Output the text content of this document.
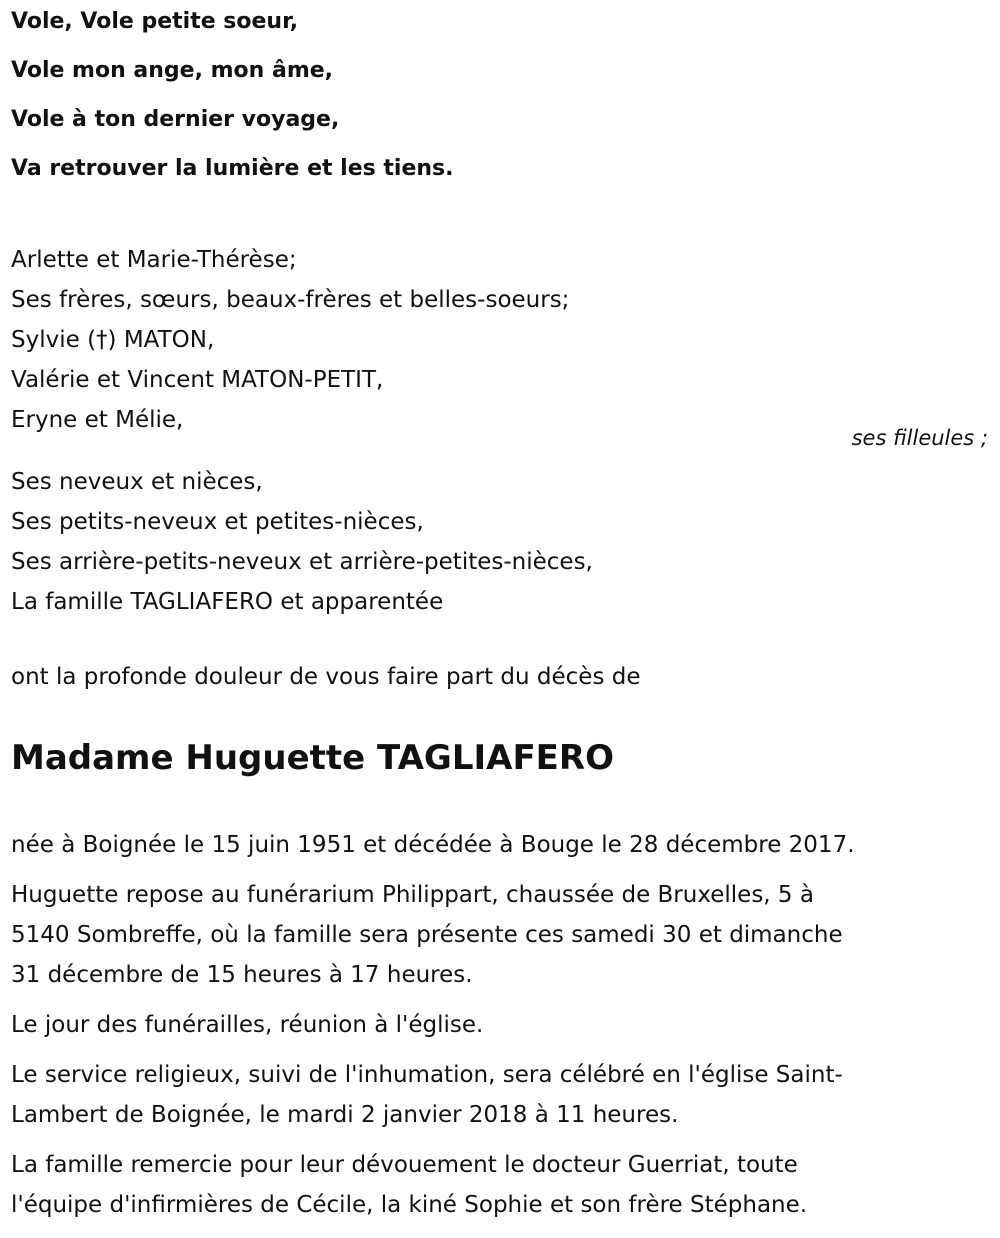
Vole, Vole petite soeur,
Vole mon ange, mon âme,
Vole à ton dernier voyage,
Va retrouver la lumière et les tiens.
Arlette et Marie-Thérèse;
Ses frères, sœurs, beaux-frères et belles-soeurs;
Sylvie (†) MATON,
Valérie et Vincent MATON-PETIT,
Eryne et Mélie,
Ses neveux et nièces,
Ses petits-neveux et petites-nièces,
Ses arrière-petits-neveux et arrière-petites-nièces,
La famille TAGLIAFERO et apparentée
ont la profonde douleur de vous faire part du décès de
Madame Huguette TAGLIAFERO
née à Boignée le 15 juin 1951 et décédée à Bouge le 28 décembre 2017.
Huguette repose au funérarium Philippart, chaussée de Bruxelles, 5 à
5140 Sombreffe, où la famille sera présente ces samedi 30 et dimanche
31 décembre de 15 heures à 17 heures.
Le jour des funérailles, réunion à l'église.
Le service religieux, suivi de l'inhumation, sera célébré en l'église Saint-
Lambert de Boignée, le mardi 2 janvier 2018 à 11 heures.
La famille remercie pour leur dévouement le docteur Guerriat, toute
l'équipe d'infirmières de Cécile, la kiné Sophie et son frère Stéphane.
ses filleules ;
